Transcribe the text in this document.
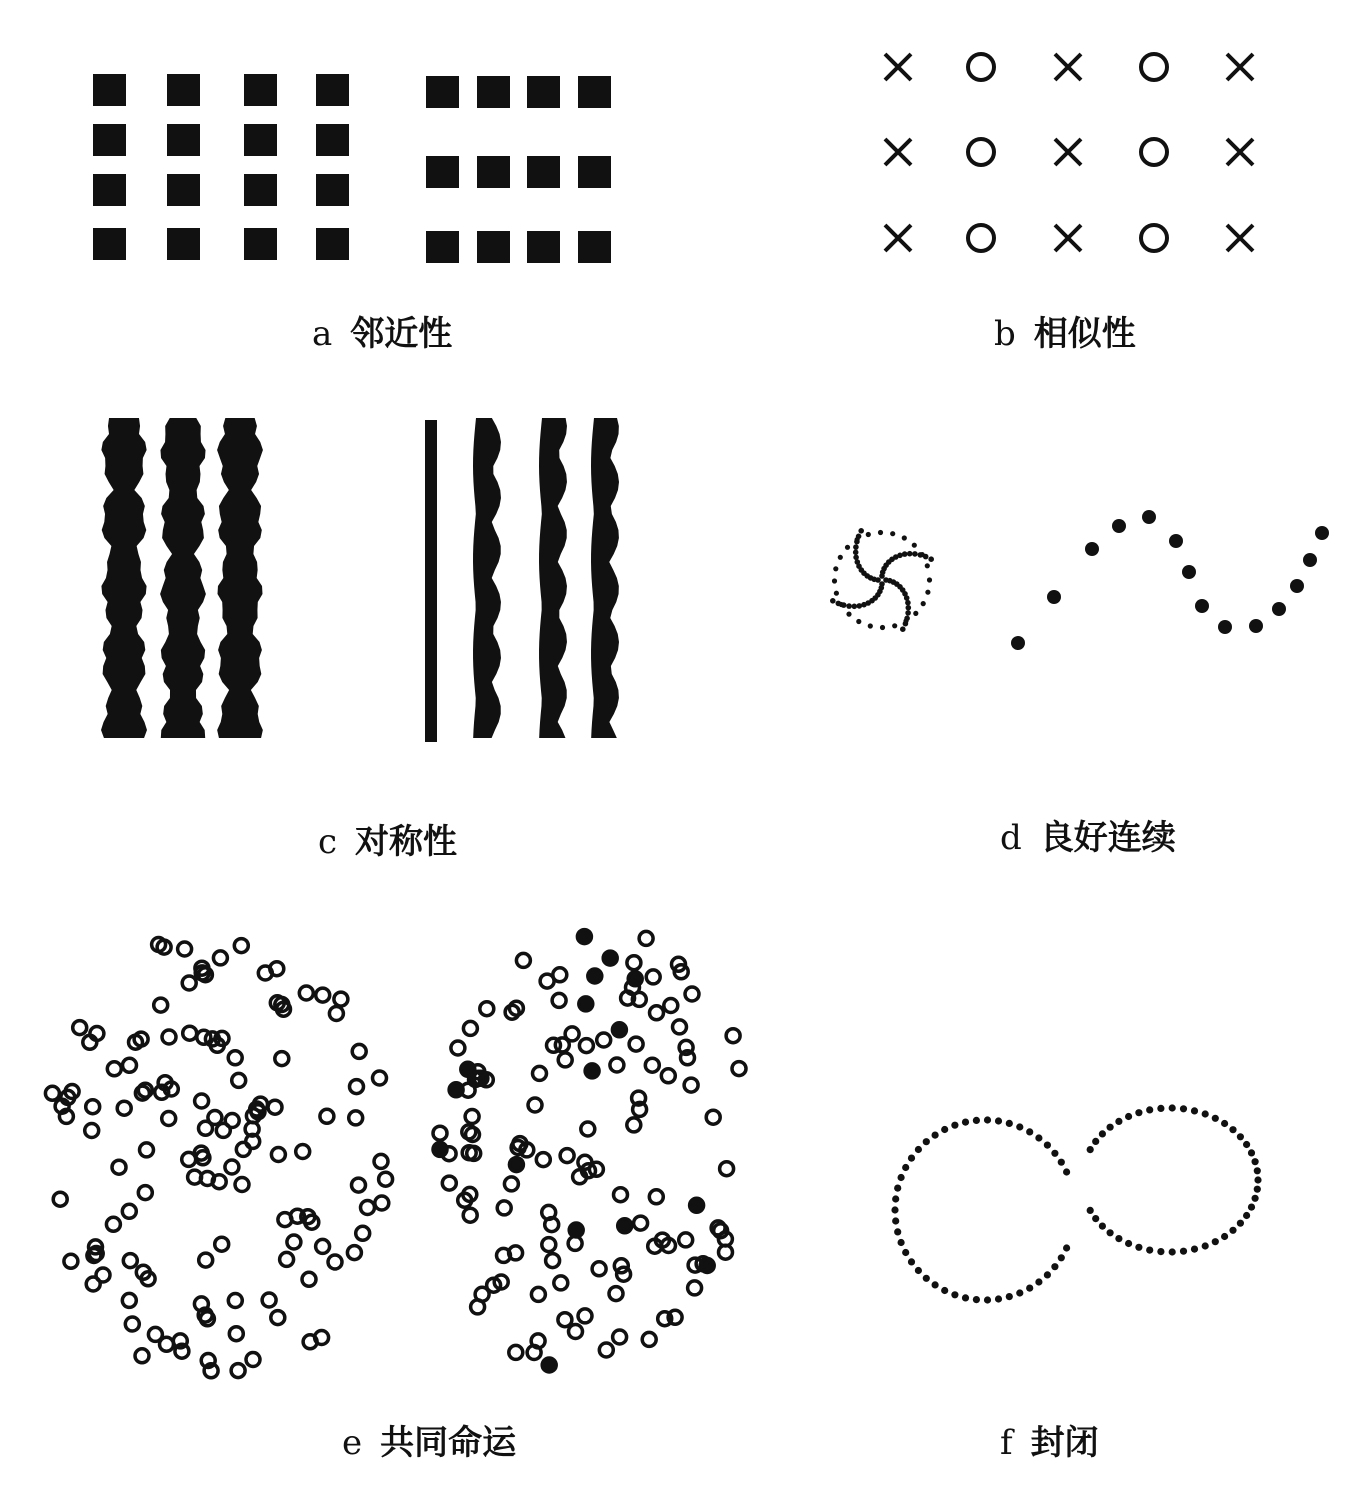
a 邻近性	b 相似性
c 对称性	d 良好连续
e 共同命运	f 封闭
